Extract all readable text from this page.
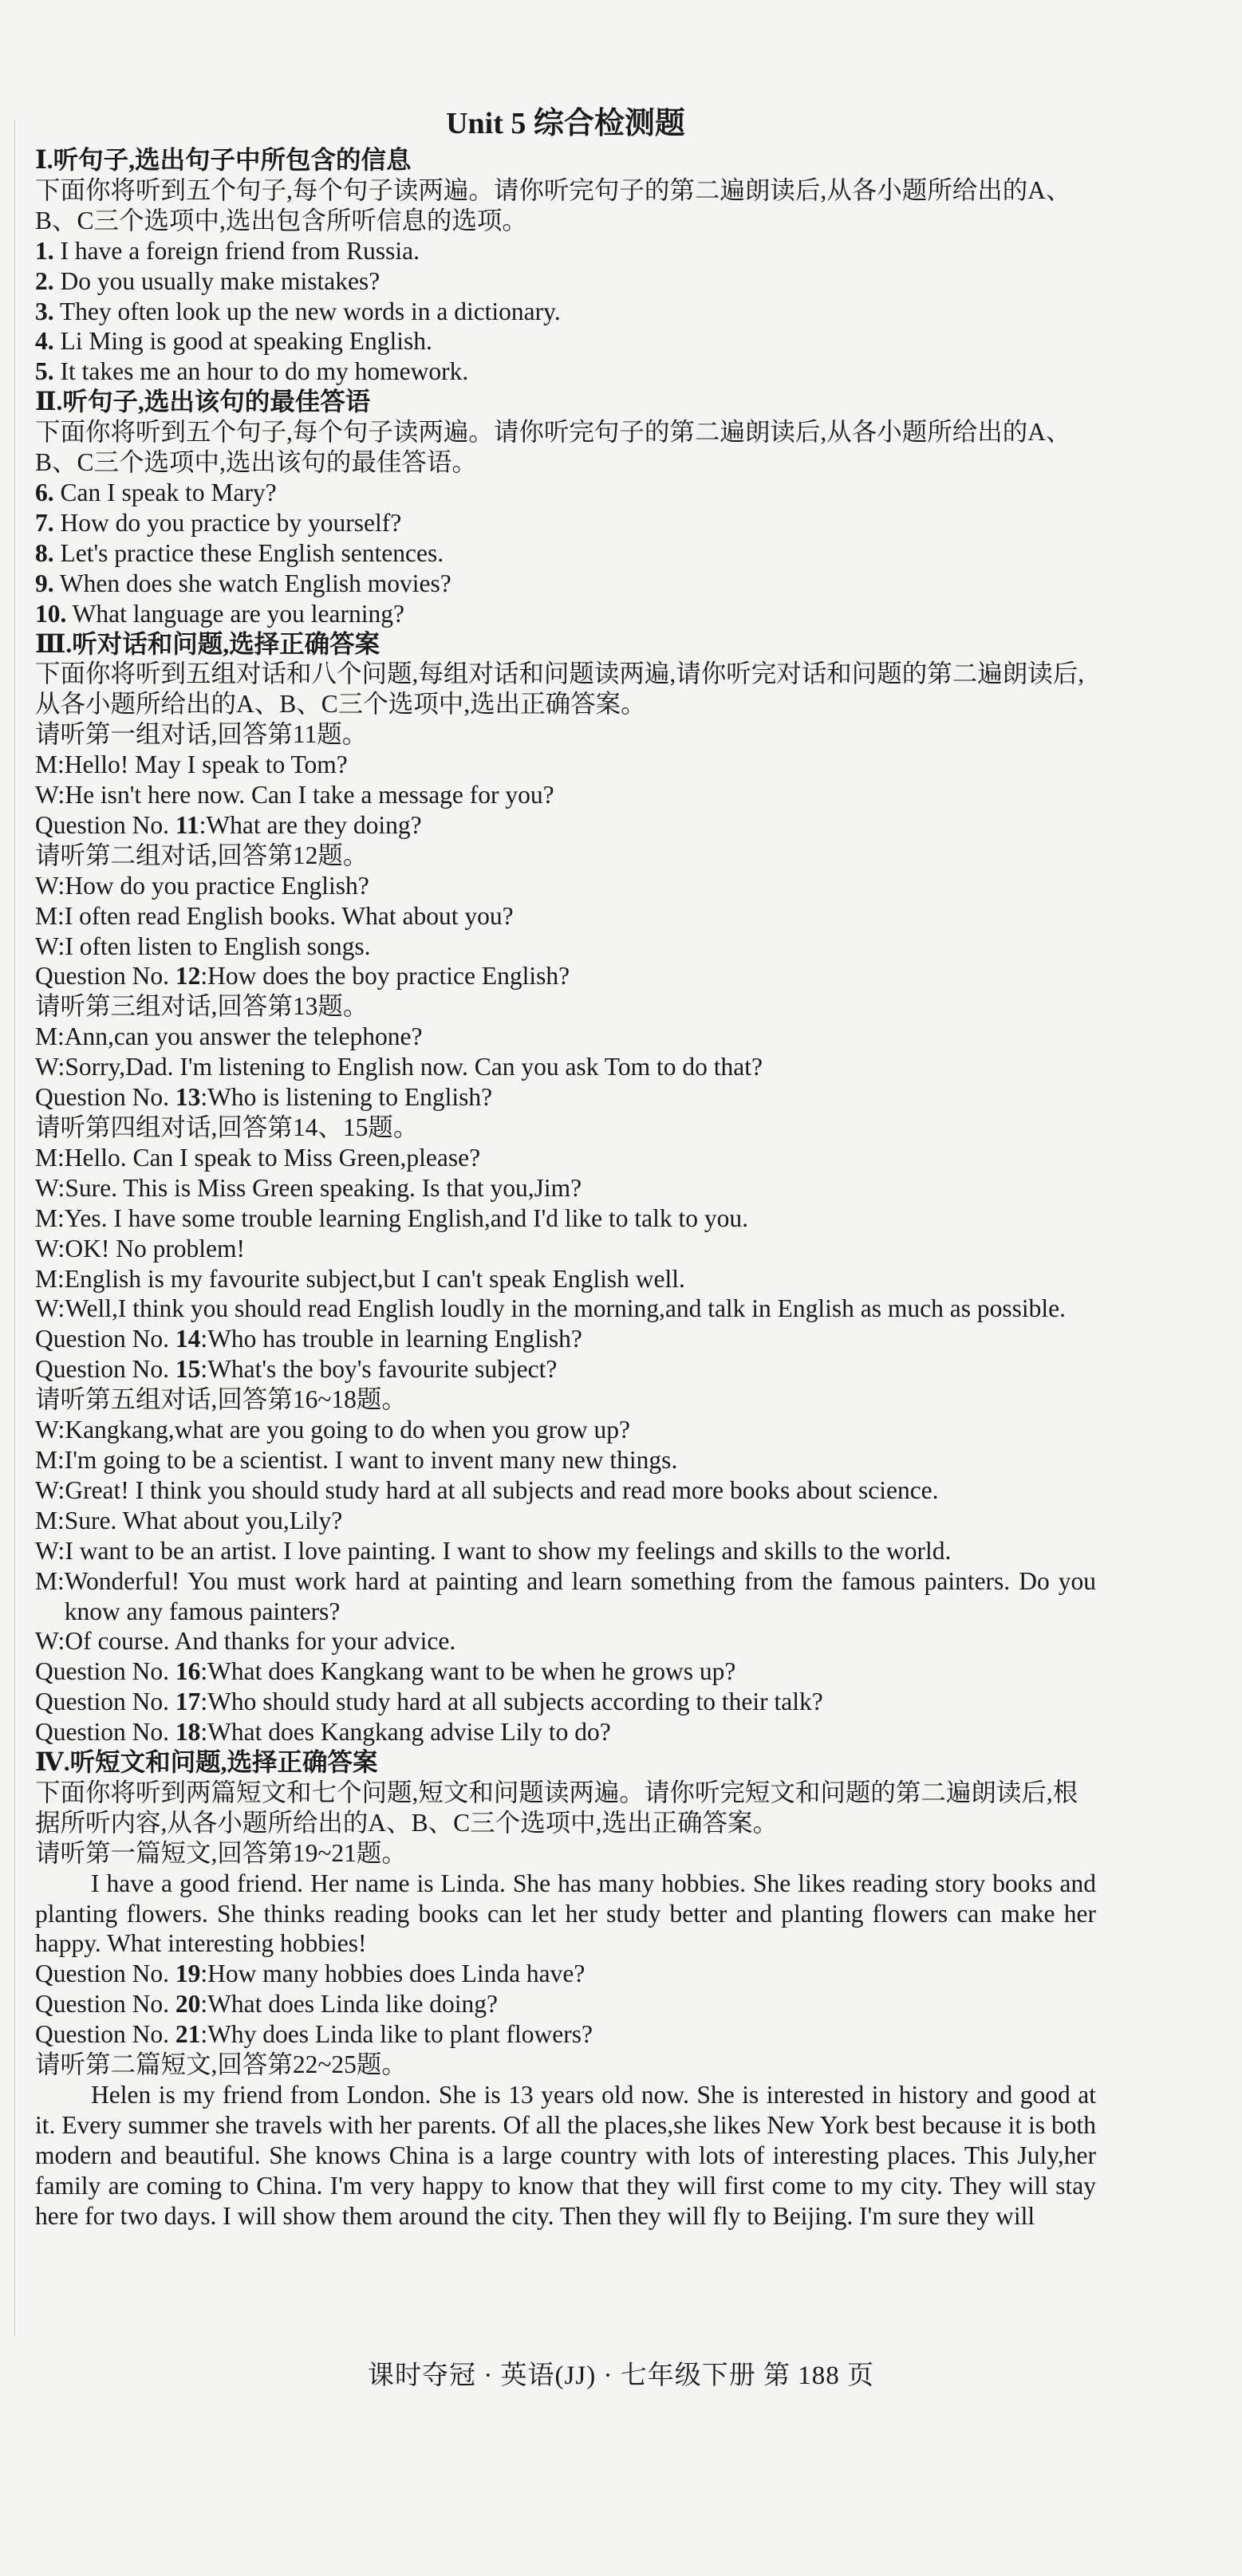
Unit 5 综合检测题
Ⅰ.听句子,选出句子中所包含的信息
下面你将听到五个句子,每个句子读两遍。请你听完句子的第二遍朗读后,从各小题所给出的A、B、C三个选项中,选出包含所听信息的选项。
1. I have a foreign friend from Russia.
2. Do you usually make mistakes?
3. They often look up the new words in a dictionary.
4. Li Ming is good at speaking English.
5. It takes me an hour to do my homework.
Ⅱ.听句子,选出该句的最佳答语
下面你将听到五个句子,每个句子读两遍。请你听完句子的第二遍朗读后,从各小题所给出的A、B、C三个选项中,选出该句的最佳答语。
6. Can I speak to Mary?
7. How do you practice by yourself?
8. Let's practice these English sentences.
9. When does she watch English movies?
10. What language are you learning?
Ⅲ.听对话和问题,选择正确答案
下面你将听到五组对话和八个问题,每组对话和问题读两遍,请你听完对话和问题的第二遍朗读后,从各小题所给出的A、B、C三个选项中,选出正确答案。
请听第一组对话,回答第11题。
M: Hello! May I speak to Tom?
W: He isn't here now. Can I take a message for you?
Question No. 11:What are they doing?
请听第二组对话,回答第12题。
W: How do you practice English?
M: I often read English books. What about you?
W: I often listen to English songs.
Question No. 12:How does the boy practice English?
请听第三组对话,回答第13题。
M: Ann,can you answer the telephone?
W: Sorry,Dad. I'm listening to English now. Can you ask Tom to do that?
Question No. 13:Who is listening to English?
请听第四组对话,回答第14、15题。
M: Hello. Can I speak to Miss Green,please?
W: Sure. This is Miss Green speaking. Is that you,Jim?
M: Yes. I have some trouble learning English,and I'd like to talk to you.
W: OK! No problem!
M: English is my favourite subject,but I can't speak English well.
W: Well,I think you should read English loudly in the morning,and talk in English as much as possible.
Question No. 14:Who has trouble in learning English?
Question No. 15:What's the boy's favourite subject?
请听第五组对话,回答第16~18题。
W: Kangkang,what are you going to do when you grow up?
M: I'm going to be a scientist. I want to invent many new things.
W: Great! I think you should study hard at all subjects and read more books about science.
M: Sure. What about you,Lily?
W: I want to be an artist. I love painting. I want to show my feelings and skills to the world.
M: Wonderful! You must work hard at painting and learn something from the famous painters. Do you know any famous painters?
W: Of course. And thanks for your advice.
Question No. 16:What does Kangkang want to be when he grows up?
Question No. 17:Who should study hard at all subjects according to their talk?
Question No. 18:What does Kangkang advise Lily to do?
Ⅳ.听短文和问题,选择正确答案
下面你将听到两篇短文和七个问题,短文和问题读两遍。请你听完短文和问题的第二遍朗读后,根据所听内容,从各小题所给出的A、B、C三个选项中,选出正确答案。
请听第一篇短文,回答第19~21题。
I have a good friend. Her name is Linda. She has many hobbies. She likes reading story books and planting flowers. She thinks reading books can let her study better and planting flowers can make her happy. What interesting hobbies!
Question No. 19:How many hobbies does Linda have?
Question No. 20:What does Linda like doing?
Question No. 21:Why does Linda like to plant flowers?
请听第二篇短文,回答第22~25题。
Helen is my friend from London. She is 13 years old now. She is interested in history and good at it. Every summer she travels with her parents. Of all the places,she likes New York best because it is both modern and beautiful. She knows China is a large country with lots of interesting places. This July,her family are coming to China. I'm very happy to know that they will first come to my city. They will stay here for two days. I will show them around the city. Then they will fly to Beijing. I'm sure they will
课时夺冠 · 英语(JJ) · 七年级下册 第 188 页
